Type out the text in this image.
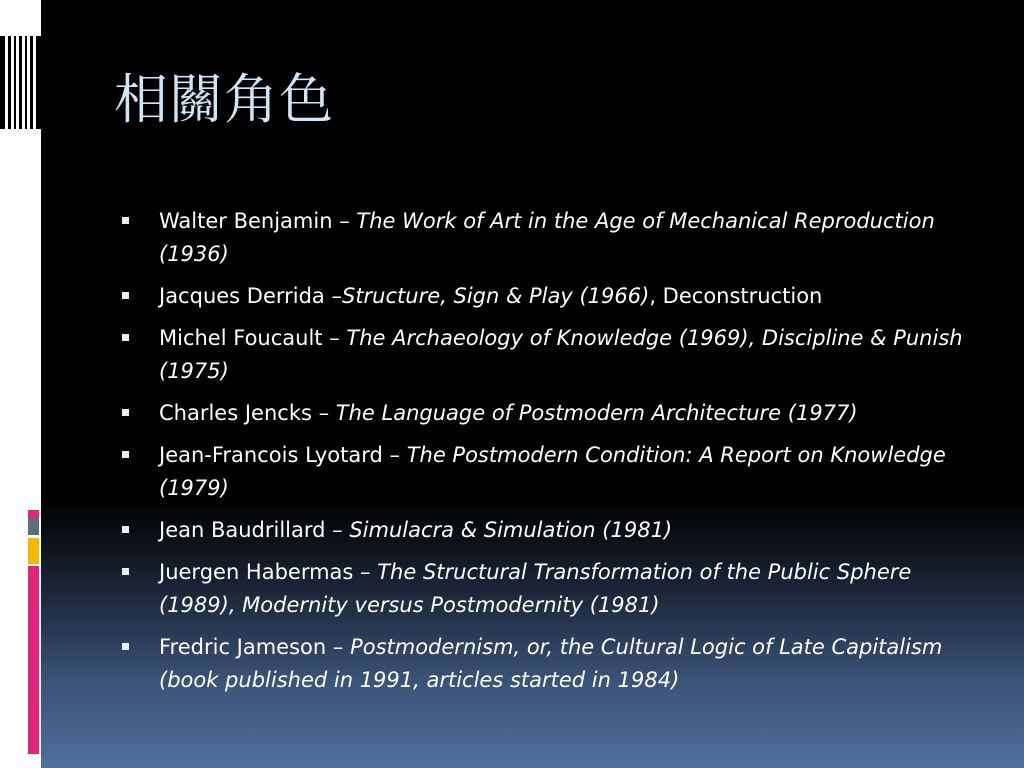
相關角色
Walter Benjamin – The Work of Art in the Age of Mechanical Reproduction (1936)
Jacques Derrida –Structure, Sign & Play (1966), Deconstruction
Michel Foucault – The Archaeology of Knowledge (1969), Discipline & Punish (1975)
Charles Jencks – The Language of Postmodern Architecture (1977)
Jean-Francois Lyotard – The Postmodern Condition: A Report on Knowledge (1979)
Jean Baudrillard – Simulacra & Simulation (1981)
Juergen Habermas – The Structural Transformation of the Public Sphere (1989), Modernity versus Postmodernity (1981)
Fredric Jameson – Postmodernism, or, the Cultural Logic of Late Capitalism (book published in 1991, articles started in 1984)
